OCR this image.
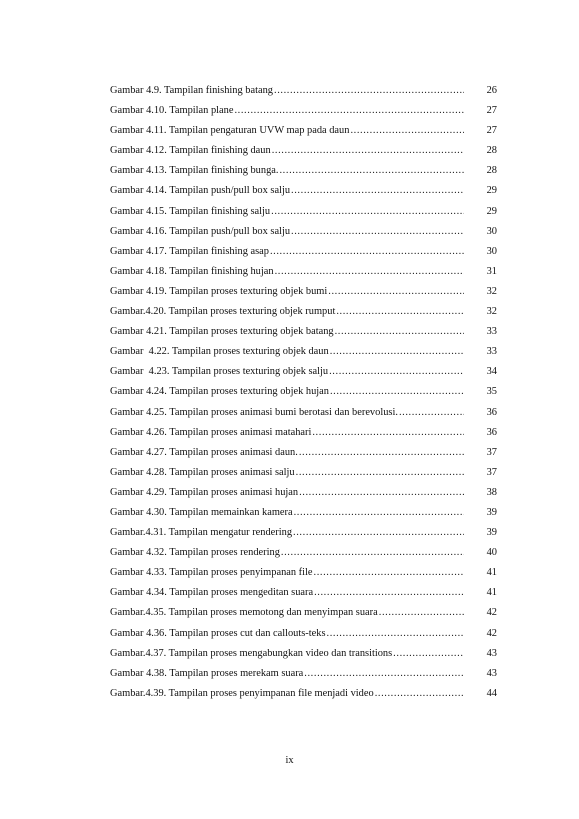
Gambar 4.9. Tampilan finishing batang .....	26
Gambar 4.10. Tampilan plane .....	27
Gambar 4.11. Tampilan pengaturan UVW map pada daun .....	27
Gambar 4.12. Tampilan finishing daun .....	28
Gambar 4.13. Tampilan finishing bunga. .....	28
Gambar 4.14. Tampilan push/pull box salju .....	29
Gambar 4.15. Tampilan finishing salju .....	29
Gambar 4.16. Tampilan push/pull box salju .....	30
Gambar 4.17. Tampilan finishing asap .....	30
Gambar 4.18. Tampilan finishing hujan .....	31
Gambar 4.19. Tampilan proses texturing objek bumi .....	32
Gambar.4.20. Tampilan proses texturing objek rumput .....	32
Gambar 4.21. Tampilan proses texturing objek batang .....	33
Gambar  4.22. Tampilan proses texturing objek daun .....	33
Gambar  4.23. Tampilan proses texturing objek salju .....	34
Gambar 4.24. Tampilan proses texturing objek hujan .....	35
Gambar 4.25. Tampilan proses animasi bumi berotasi dan berevolusi. .....	36
Gambar 4.26. Tampilan proses animasi matahari .....	36
Gambar 4.27. Tampilan proses animasi daun. .....	37
Gambar 4.28. Tampilan proses animasi salju .....	37
Gambar 4.29. Tampilan proses animasi hujan .....	38
Gambar 4.30. Tampilan memainkan kamera .....	39
Gambar.4.31. Tampilan mengatur rendering .....	39
Gambar 4.32. Tampilan proses rendering .....	40
Gambar 4.33. Tampilan proses penyimpanan file .....	41
Gambar 4.34. Tampilan proses mengeditan suara .....	41
Gambar.4.35. Tampilan proses memotong dan menyimpan suara .....	42
Gambar 4.36. Tampilan proses cut dan callouts-teks .....	42
Gambar.4.37. Tampilan proses mengabungkan video dan transitions .....	43
Gambar 4.38. Tampilan proses merekam suara .....	43
Gambar.4.39. Tampilan proses penyimpanan file menjadi video .....	44
ix
